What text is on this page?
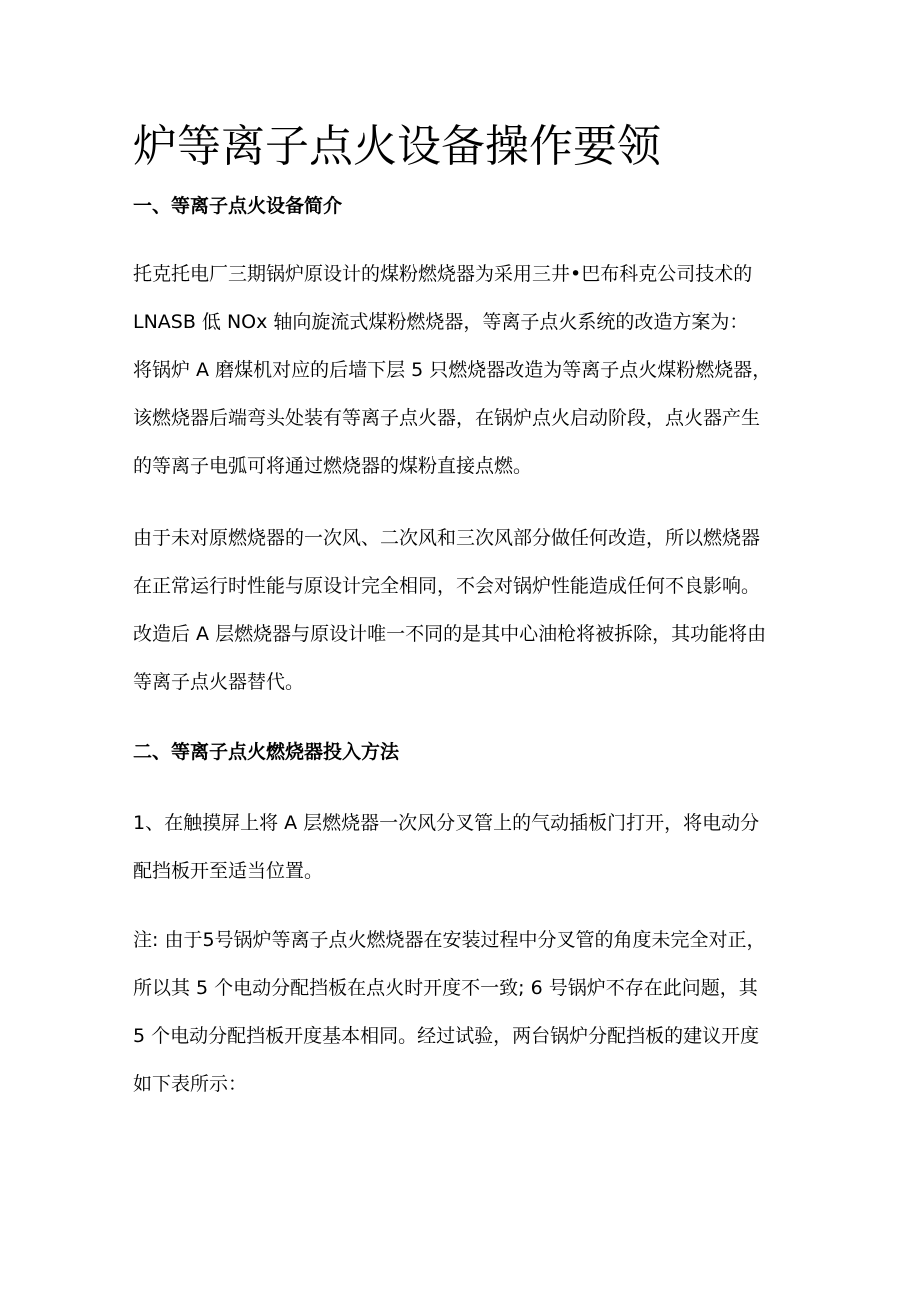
炉等离子点火设备操作要领
一、等离子点火设备简介

托克托电厂三期锅炉原设计的煤粉燃烧器为采用三井•巴布科克公司技术的
LNASB 低 NOx 轴向旋流式煤粉燃烧器，等离子点火系统的改造方案为：
将锅炉 A 磨煤机对应的后墙下层 5 只燃烧器改造为等离子点火煤粉燃烧器，
该燃烧器后端弯头处装有等离子点火器，在锅炉点火启动阶段，点火器产生
的等离子电弧可将通过燃烧器的煤粉直接点燃。

由于未对原燃烧器的一次风、二次风和三次风部分做任何改造，所以燃烧器
在正常运行时性能与原设计完全相同，不会对锅炉性能造成任何不良影响。
改造后 A 层燃烧器与原设计唯一不同的是其中心油枪将被拆除，其功能将由
等离子点火器替代。

二、等离子点火燃烧器投入方法

1、在触摸屏上将 A 层燃烧器一次风分叉管上的气动插板门打开，将电动分
配挡板开至适当位置。

注: 由于5号锅炉等离子点火燃烧器在安装过程中分叉管的角度未完全对正，
所以其 5 个电动分配挡板在点火时开度不一致; 6 号锅炉不存在此问题，其
5 个电动分配挡板开度基本相同。经过试验，两台锅炉分配挡板的建议开度
如下表所示：
